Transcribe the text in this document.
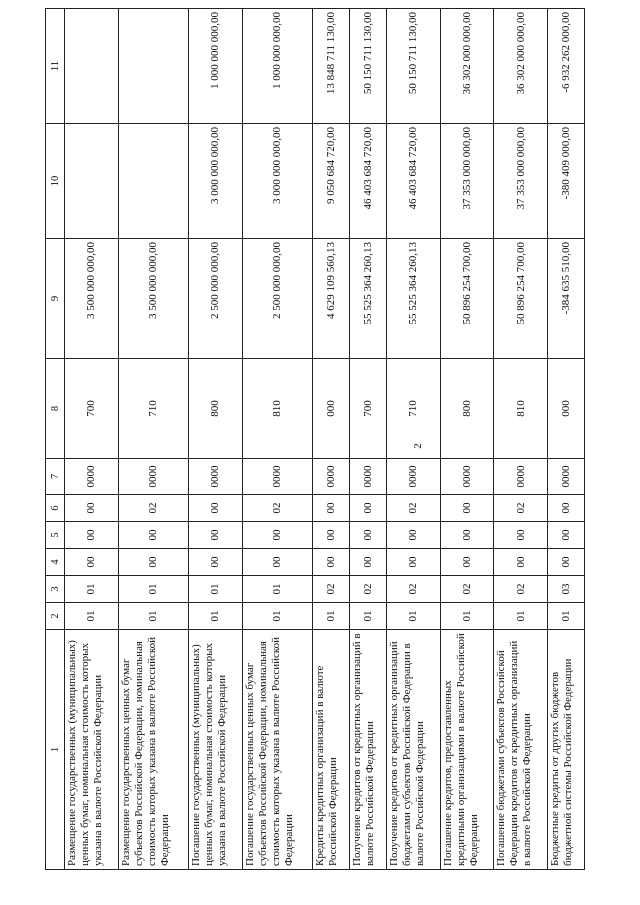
2
1	2	3	4	5	6	7	8	9	10	11
Размещение государственных (муниципальных) ценных бумаг, номинальная стоимость которых указана в валюте Российской Федерации	01	01	00	00	00	0000	700	3 500 000 000,00		
Размещение государственных ценных бумаг субъектов Российской Федерации, номинальная стоимость которых указана в валюте Российской Федерации	01	01	00	00	02	0000	710	3 500 000 000,00		
Погашение государственных (муниципальных) ценных бумаг, номинальная стоимость которых указана в валюте Российской Федерации	01	01	00	00	00	0000	800	2 500 000 000,00	3 000 000 000,00	1 000 000 000,00
Погашение государственных ценных бумаг субъектов Российской Федерации, номинальная стоимость которых указана в валюте Российской Федерации	01	01	00	00	02	0000	810	2 500 000 000,00	3 000 000 000,00	1 000 000 000,00
Кредиты кредитных организаций в валюте Российской Федерации	01	02	00	00	00	0000	000	4 629 109 560,13	9 050 684 720,00	13 848 711 130,00
Получение кредитов от кредитных организаций в валюте Российской Федерации	01	02	00	00	00	0000	700	55 525 364 260,13	46 403 684 720,00	50 150 711 130,00
Получение кредитов от кредитных организаций бюджетами субъектов Российской Федерации в валюте Российской Федерации	01	02	00	00	02	0000	710	55 525 364 260,13	46 403 684 720,00	50 150 711 130,00
Погашение кредитов, предоставленных кредитными организациями в валюте Российской Федерации	01	02	00	00	00	0000	800	50 896 254 700,00	37 353 000 000,00	36 302 000 000,00
Погашение бюджетами субъектов Российской Федерации кредитов от кредитных организаций в валюте Российской Федерации	01	02	00	00	02	0000	810	50 896 254 700,00	37 353 000 000,00	36 302 000 000,00
Бюджетные кредиты от других бюджетов бюджетной системы Российской Федерации	01	03	00	00	00	0000	000	-384 635 510,00	-380 409 000,00	-6 932 262 000,00
